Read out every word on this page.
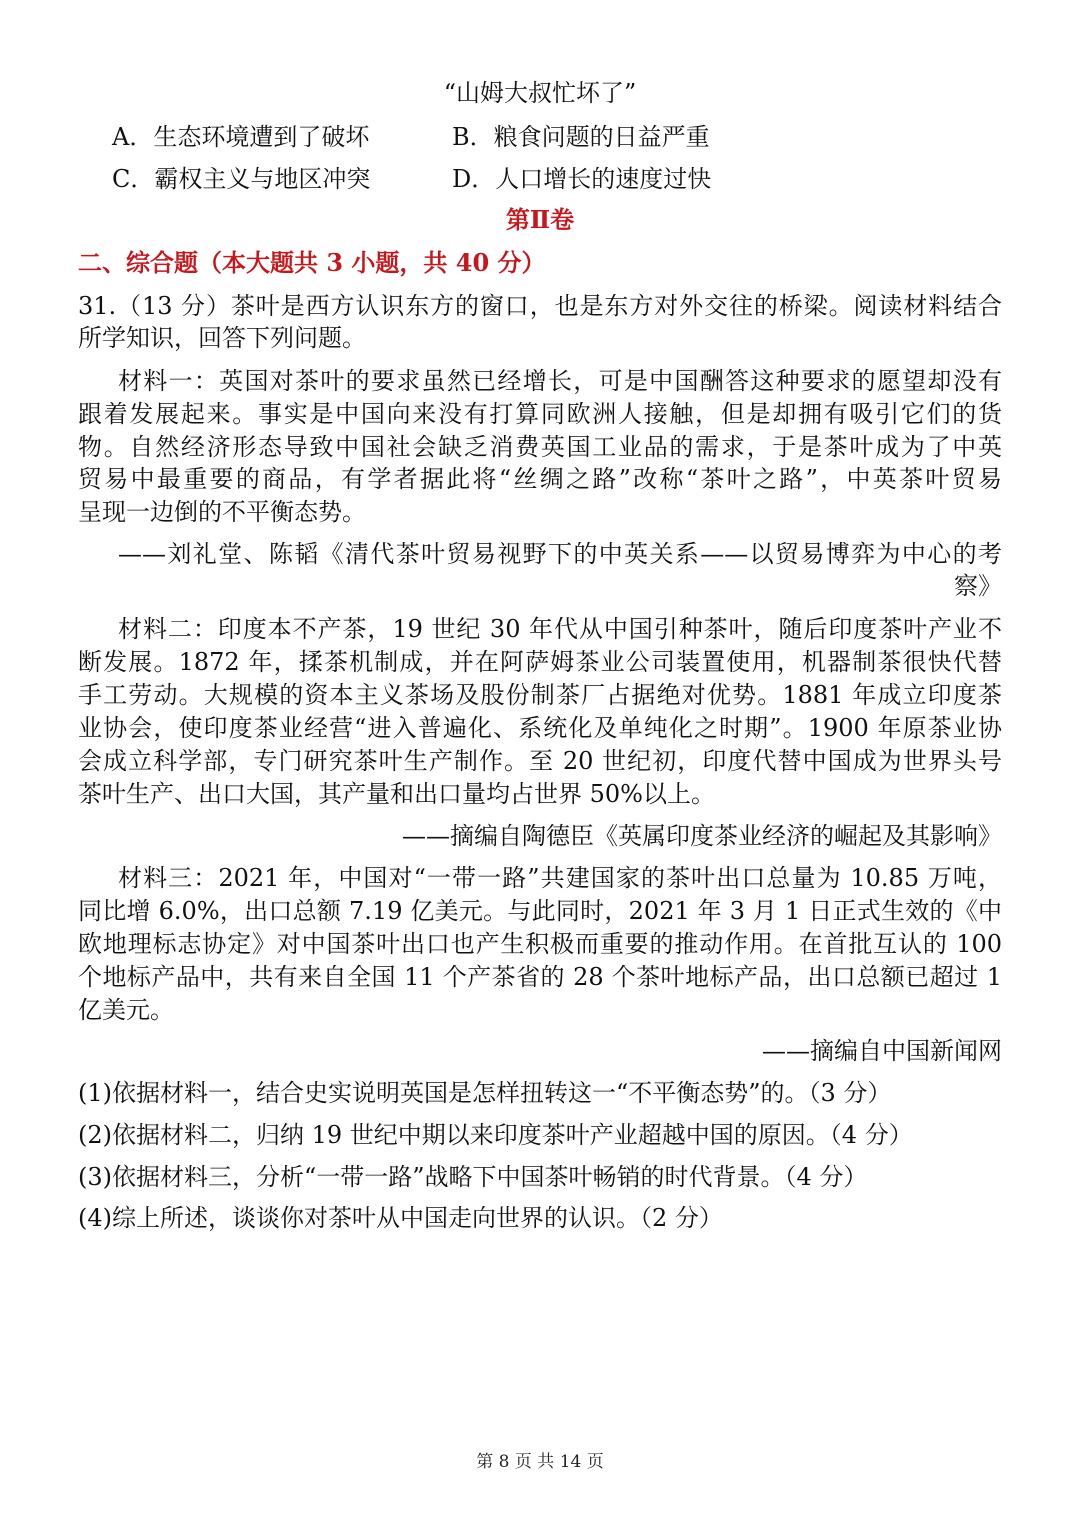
“山姆大叔忙坏了”
A．生态环境遭到了破坏	B．粮食问题的日益严重
C．霸权主义与地区冲突	D．人口增长的速度过快
第Ⅱ卷
二、综合题（本大题共 3 小题，共 40 分）
31.（13 分）茶叶是西方认识东方的窗口，也是东方对外交往的桥梁。阅读材料结合
所学知识，回答下列问题。
材料一：英国对茶叶的要求虽然已经增长，可是中国酬答这种要求的愿望却没有
跟着发展起来。事实是中国向来没有打算同欧洲人接触，但是却拥有吸引它们的货
物。自然经济形态导致中国社会缺乏消费英国工业品的需求，于是茶叶成为了中英
贸易中最重要的商品，有学者据此将“丝绸之路”改称“茶叶之路”，中英茶叶贸易
呈现一边倒的不平衡态势。
——刘礼堂、陈韬《清代茶叶贸易视野下的中英关系——以贸易博弈为中心的考
察》
材料二：印度本不产茶，19 世纪 30 年代从中国引种茶叶，随后印度茶叶产业不
断发展。1872 年，揉茶机制成，并在阿萨姆茶业公司装置使用，机器制茶很快代替
手工劳动。大规模的资本主义茶场及股份制茶厂占据绝对优势。1881 年成立印度茶
业协会，使印度茶业经营“进入普遍化、系统化及单纯化之时期”。1900 年原茶业协
会成立科学部，专门研究茶叶生产制作。至 20 世纪初，印度代替中国成为世界头号
茶叶生产、出口大国，其产量和出口量均占世界 50%以上。
——摘编自陶德臣《英属印度茶业经济的崛起及其影响》
材料三：2021 年，中国对“一带一路”共建国家的茶叶出口总量为 10.85 万吨，
同比增 6.0%，出口总额 7.19 亿美元。与此同时，2021 年 3 月 1 日正式生效的《中
欧地理标志协定》对中国茶叶出口也产生积极而重要的推动作用。在首批互认的 100
个地标产品中，共有来自全国 11 个产茶省的 28 个茶叶地标产品，出口总额已超过 1
亿美元。
——摘编自中国新闻网
(1)依据材料一，结合史实说明英国是怎样扭转这一“不平衡态势”的。（3 分）
(2)依据材料二，归纳 19 世纪中期以来印度茶叶产业超越中国的原因。（4 分）
(3)依据材料三，分析“一带一路”战略下中国茶叶畅销的时代背景。（4 分）
(4)综上所述，谈谈你对茶叶从中国走向世界的认识。（2 分）
第 8 页 共 14 页
